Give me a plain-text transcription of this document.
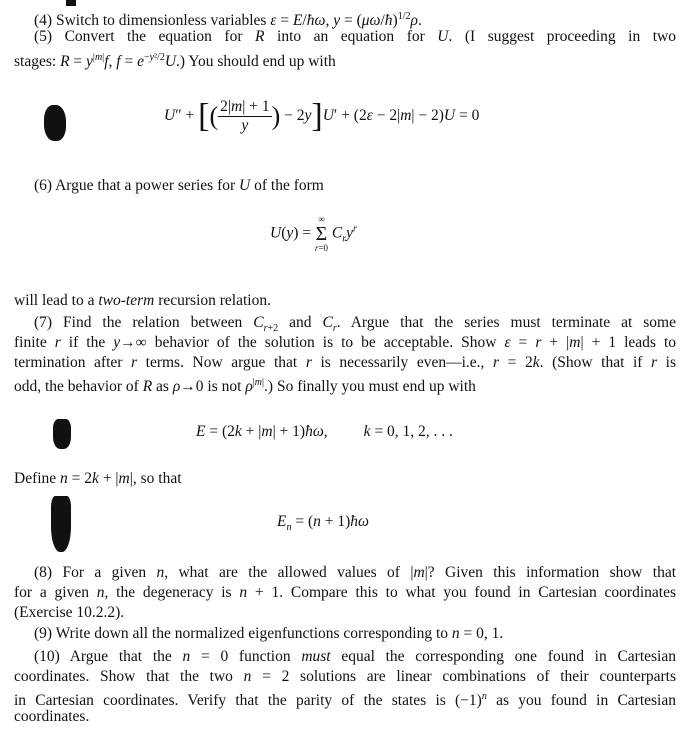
(4) Switch to dimensionless variables ε = E/ħω, y = (μω/ħ)$^{1/2}$ρ.
(5) Convert the equation for R into an equation for U. (I suggest proceeding in two
stages: $R = y^{|m|}f$, $f = e^{-y^2/2}U$.) You should end up with
U″ + [( $\frac{2|m| + 1}{y}$ ) − 2y]U′ + (2ε − 2|m| − 2)U = 0
(6) Argue that a power series for U of the form
U(y) =
∞
Σ
r=0
$C_ry^r$
will lead to a two-term recursion relation.
(7) Find the relation between $C_{r+2}$ and $C_r$. Argue that the series must terminate at some
finite r if the y→∞ behavior of the solution is to be acceptable. Show ε = r + |m| + 1 leads to
termination after r terms. Now argue that r is necessarily even—i.e., r = 2k. (Show that if r is
odd, the behavior of R as ρ→0 is not $\rho^{|m|}$.) So finally you must end up with
E = (2k + |m| + 1)ħω, k = 0, 1, 2, . . .
Define n = 2k + |m|, so that
$E_n = (n$ + 1)ħω
(8) For a given n, what are the allowed values of |m|? Given this information show that
for a given n, the degeneracy is n + 1. Compare this to what you found in Cartesian coordinates
(Exercise 10.2.2).
(9) Write down all the normalized eigenfunctions corresponding to n = 0, 1.
(10) Argue that the n = 0 function must equal the corresponding one found in Cartesian
coordinates. Show that the two n = 2 solutions are linear combinations of their counterparts
in Cartesian coordinates. Verify that the parity of the states is $(-1)^n$ as you found in Cartesian
coordinates.
